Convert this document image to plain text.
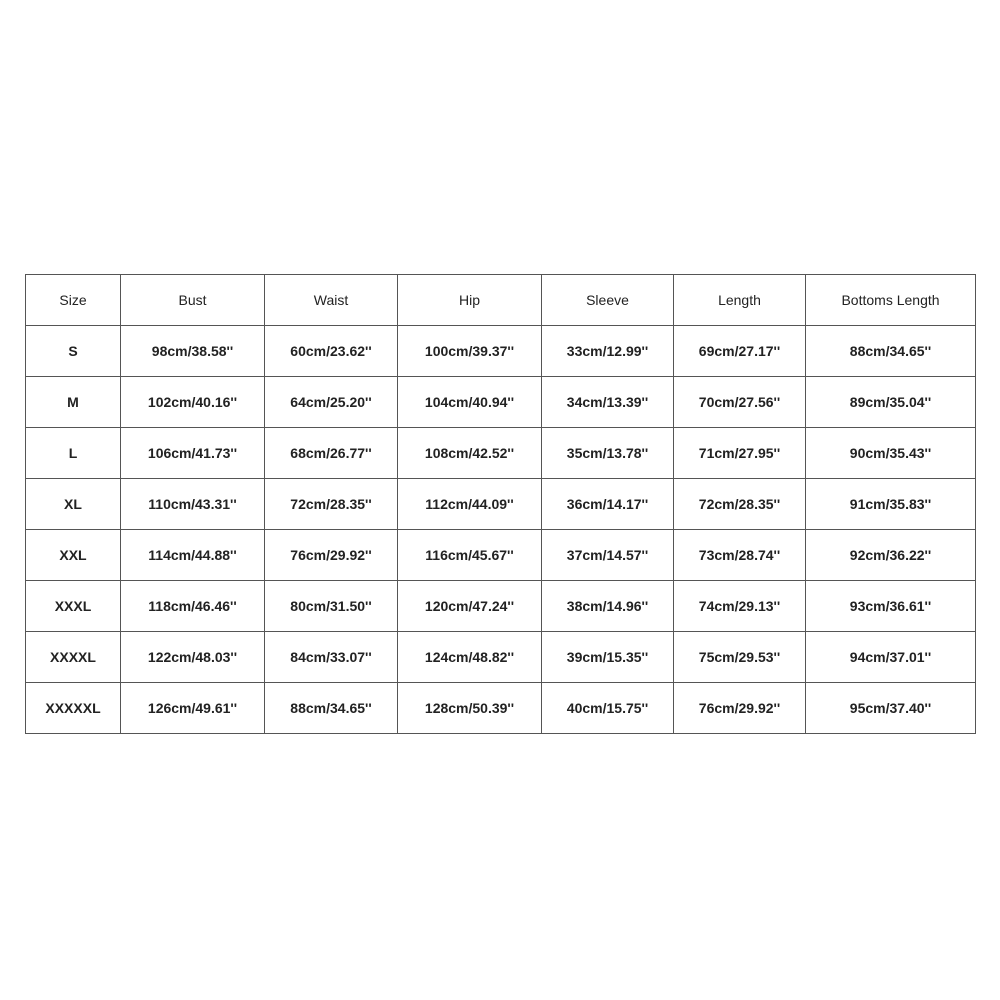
Size	Bust	Waist	Hip	Sleeve	Length	Bottoms Length
S	98cm/38.58''	60cm/23.62''	100cm/39.37''	33cm/12.99''	69cm/27.17''	88cm/34.65''
M	102cm/40.16''	64cm/25.20''	104cm/40.94''	34cm/13.39''	70cm/27.56''	89cm/35.04''
L	106cm/41.73''	68cm/26.77''	108cm/42.52''	35cm/13.78''	71cm/27.95''	90cm/35.43''
XL	110cm/43.31''	72cm/28.35''	112cm/44.09''	36cm/14.17''	72cm/28.35''	91cm/35.83''
XXL	114cm/44.88''	76cm/29.92''	116cm/45.67''	37cm/14.57''	73cm/28.74''	92cm/36.22''
XXXL	118cm/46.46''	80cm/31.50''	120cm/47.24''	38cm/14.96''	74cm/29.13''	93cm/36.61''
XXXXL	122cm/48.03''	84cm/33.07''	124cm/48.82''	39cm/15.35''	75cm/29.53''	94cm/37.01''
XXXXXL	126cm/49.61''	88cm/34.65''	128cm/50.39''	40cm/15.75''	76cm/29.92''	95cm/37.40''
